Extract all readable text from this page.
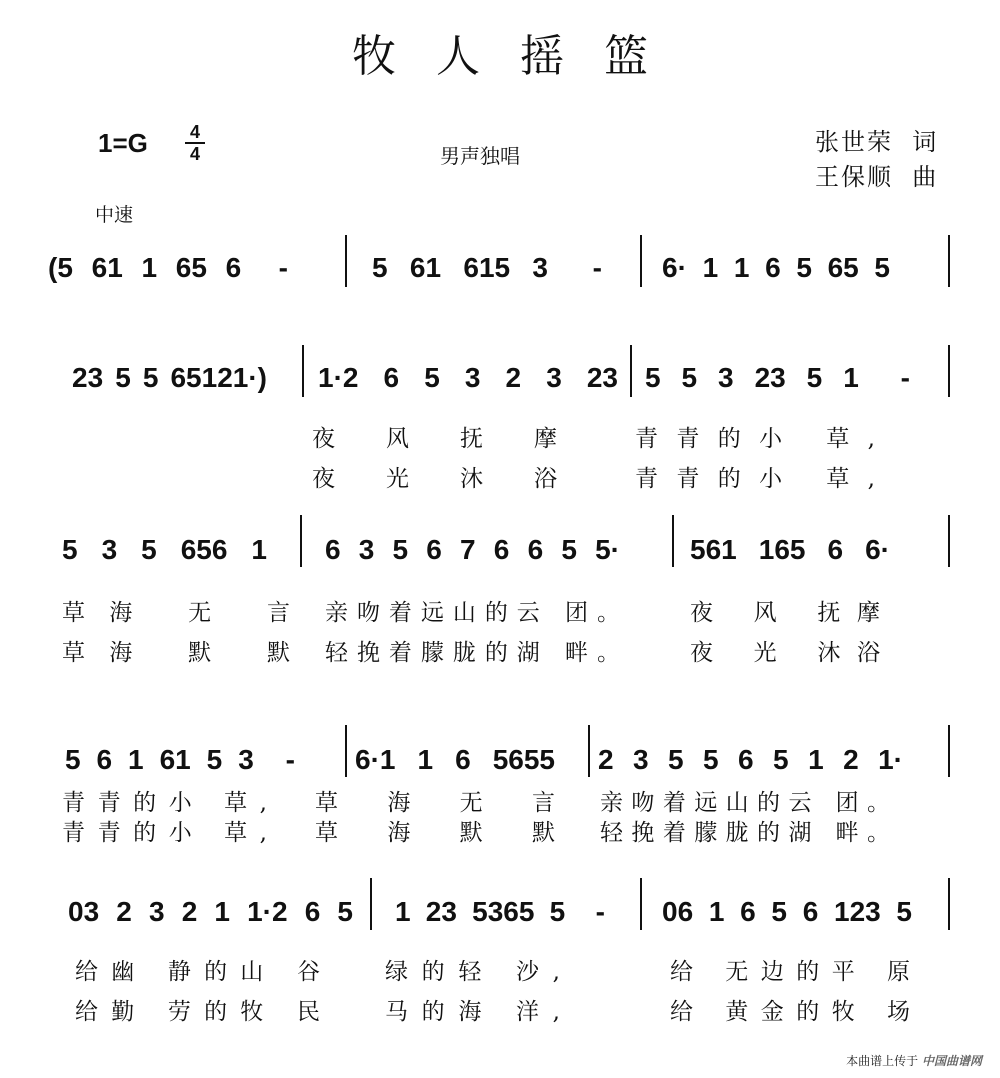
牧人摇篮
1=G 4
4	男声独唱	张世荣  词
王保顺  曲
中速
(5 61 1 65 6  -	5 61 615 3  - 6· 1 1 6 5 65 5
23 5 5 65121·) 1·2 6 5 3 2 3 23 5 5 3 23 5 1  -
夜 风 抚 摩	青青的小 草,
夜 光 沐 浴	青青的小 草,
5 3 5 656 1 6 3 5 6 7 6 6 5 5·	561 165 6 6·
草海 无 言 亲吻着远山的云 团。	夜 风 抚摩
草海 默 默 轻挽着朦胧的湖 畔。	夜 光 沐浴
5 6 1 61 5 3  - 6·1 1 6 5655 2 3 5 5 6 5 1 2 1·
青青的小 草, 草 海 无 言 亲吻着远山的云 团。
青青的小 草, 草 海 默 默 轻挽着朦胧的湖 畔。
03 2 3 2 1 1·2 6 5 1 23 5365 5  - 06 1 6 5 6 123 5
给幽 静的山 谷	绿的轻 沙,	给 无边的平 原
给勤 劳的牧 民	马的海 洋,	给 黄金的牧 场
本曲谱上传于 中国曲谱网
